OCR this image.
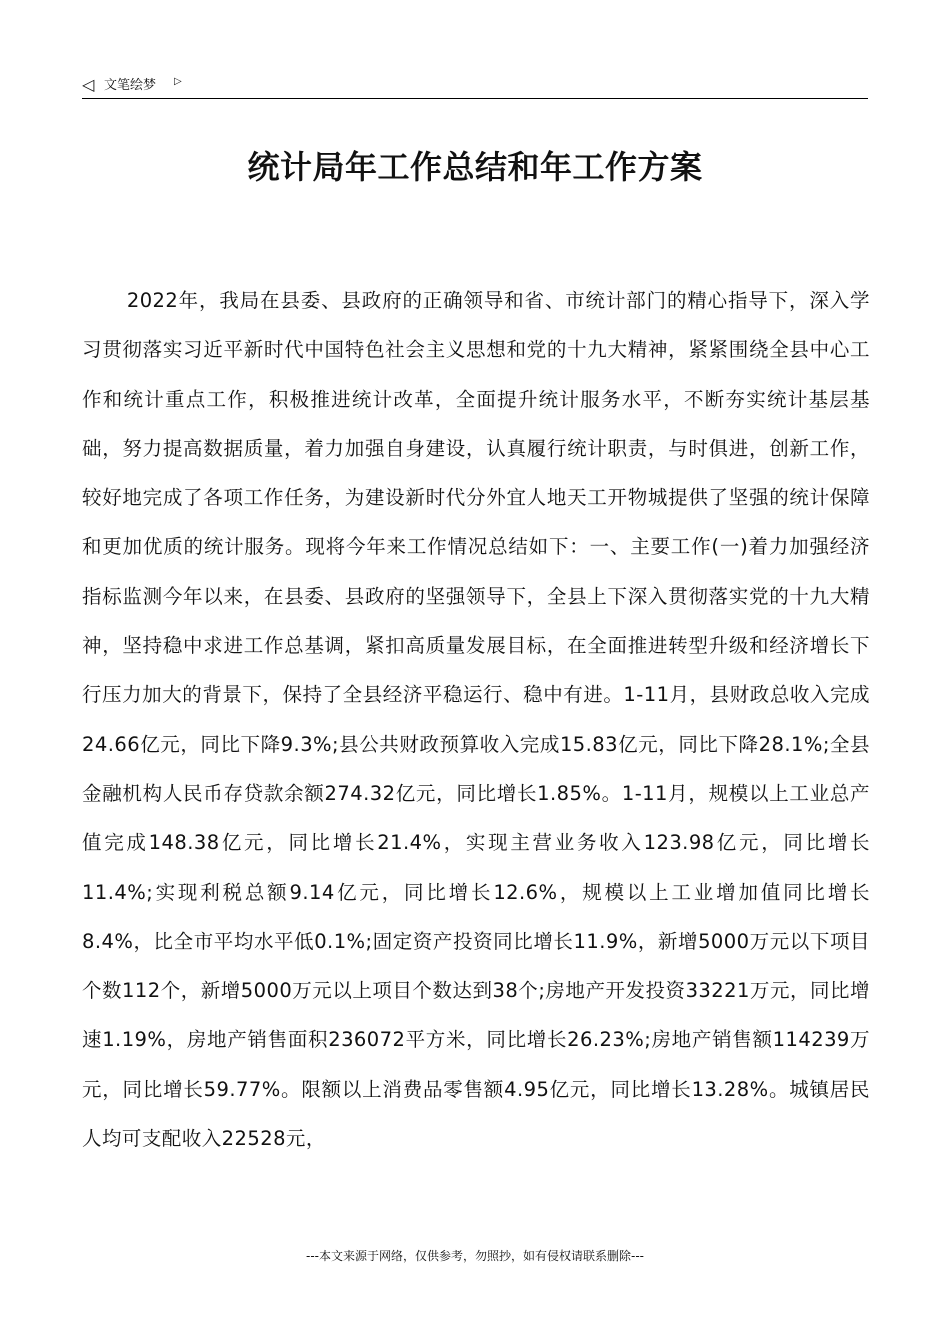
◁ 文笔绘梦 ▷
统计局年工作总结和年工作方案

2022年，我局在县委、县政府的正确领导和省、市统计部门的精心指导下，深入学习贯彻落实习近平新时代中国特色社会主义思想和党的十九大精神，紧紧围绕全县中心工作和统计重点工作，积极推进统计改革，全面提升统计服务水平，不断夯实统计基层基础，努力提高数据质量，着力加强自身建设，认真履行统计职责，与时俱进，创新工作，较好地完成了各项工作任务，为建设新时代分外宜人地天工开物城提供了坚强的统计保障和更加优质的统计服务。现将今年来工作情况总结如下：一、主要工作(一)着力加强经济指标监测今年以来，在县委、县政府的坚强领导下，全县上下深入贯彻落实党的十九大精神，坚持稳中求进工作总基调，紧扣高质量发展目标，在全面推进转型升级和经济增长下行压力加大的背景下，保持了全县经济平稳运行、稳中有进。1-11月，县财政总收入完成24.66亿元，同比下降9.3%;县公共财政预算收入完成15.83亿元，同比下降28.1%;全县金融机构人民币存贷款余额274.32亿元，同比增长1.85%。1-11月，规模以上工业总产值完成148.38亿元，同比增长21.4%，实现主营业务收入123.98亿元，同比增长11.4%;实现利税总额9.14亿元，同比增长12.6%，规模以上工业增加值同比增长8.4%，比全市平均水平低0.1%;固定资产投资同比增长11.9%，新增5000万元以下项目个数112个，新增5000万元以上项目个数达到38个;房地产开发投资33221万元，同比增速1.19%，房地产销售面积236072平方米，同比增长26.23%;房地产销售额114239万元，同比增长59.77%。限额以上消费品零售额4.95亿元，同比增长13.28%。城镇居民人均可支配收入22528元，

---本文来源于网络，仅供参考，勿照抄，如有侵权请联系删除---
